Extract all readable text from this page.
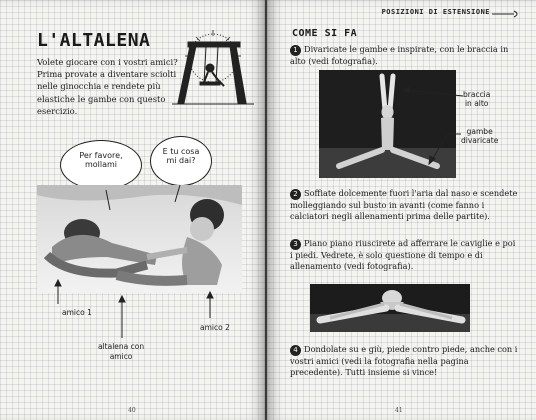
L'ALTALENA
Volete giocare con i vostri amici? Prima provate a diventare sciolti nelle ginocchia e rendete più elastiche le gambe con questo esercizio.
Per favore,
mollami
E tu cosa
mi dai?
amico 1
altalena con
amico
amico 2
40
POSIZIONI DI ESTENSIONE
COME SI FA
1 Divaricate le gambe e inspirate, con le braccia in alto (vedi fotografia).
braccia
in alto
gambe
divaricate
2 Soffiate dolcemente fuori l'aria dal naso e scendete molleggiando sul busto in avanti (come fanno i calciatori negli allenamenti prima delle partite).
3 Piano piano riuscirete ad afferrare le caviglie e poi i piedi. Vedrete, è solo questione di tempo e di allenamento (vedi fotografia).
4 Dondolate su e giù, piede contro piede, anche con i vostri amici (vedi la fotografia nella pagina precedente). Tutti insieme si vince!
41
